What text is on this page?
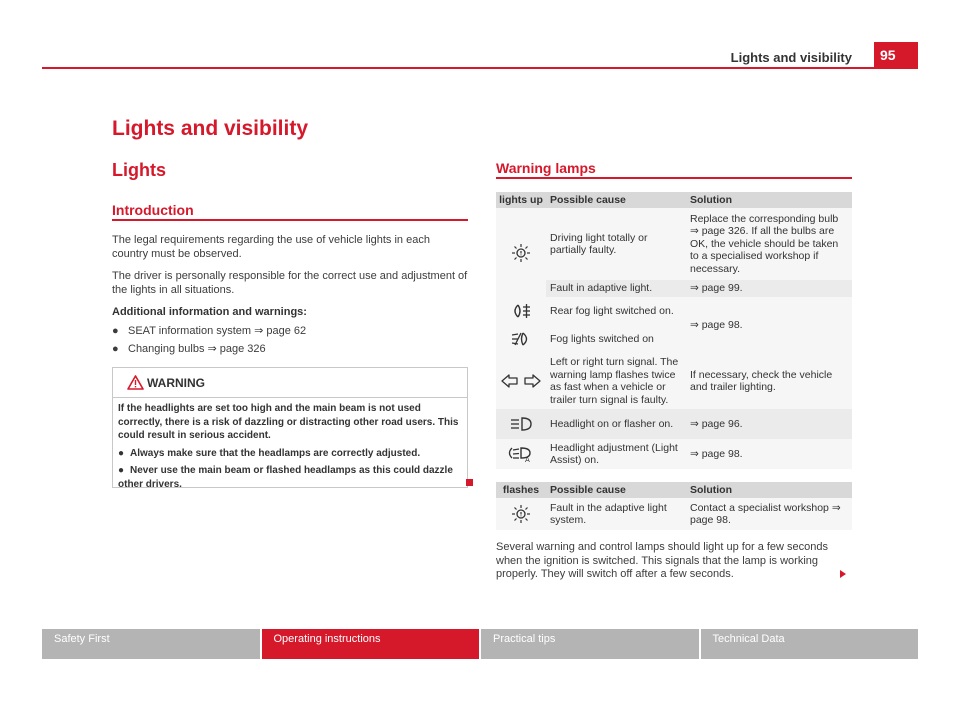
Lights and visibility	95
Lights and visibility
Lights
Introduction
The legal requirements regarding the use of vehicle lights in each country must be observed.
The driver is personally responsible for the correct use and adjustment of the lights in all situations.
Additional information and warnings:
● SEAT information system ⇒ page 62
● Changing bulbs ⇒ page 326
WARNING
If the headlights are set too high and the main beam is not used correctly, there is a risk of dazzling or distracting other road users. This could result in serious accident.
● Always make sure that the headlamps are correctly adjusted.
● Never use the main beam or flashed headlamps as this could dazzle other drivers.
Warning lamps
lights up	Possible cause	Solution
	Driving light totally or partially faulty.	Replace the corresponding bulb ⇒ page 326. If all the bulbs are OK, the vehicle should be taken to a specialised workshop if necessary.
	Fault in adaptive light.	⇒ page 99.
	Rear fog light switched on.	⇒ page 98.
	Fog lights switched on	
	Left or right turn signal. The warning lamp flashes twice as fast when a vehicle or trailer turn signal is faulty.	If necessary, check the vehicle and trailer lighting.
	Headlight on or flasher on.	⇒ page 96.

A	Headlight adjustment (Light Assist) on.	⇒ page 98.
flashes	Possible cause	Solution
	Fault in the adaptive light system.	Contact a specialist workshop ⇒ page 98.
Several warning and control lamps should light up for a few seconds when the ignition is switched. This signals that the lamp is working properly. They will switch off after a few seconds.
Safety First	Operating instructions	Practical tips	Technical Data
